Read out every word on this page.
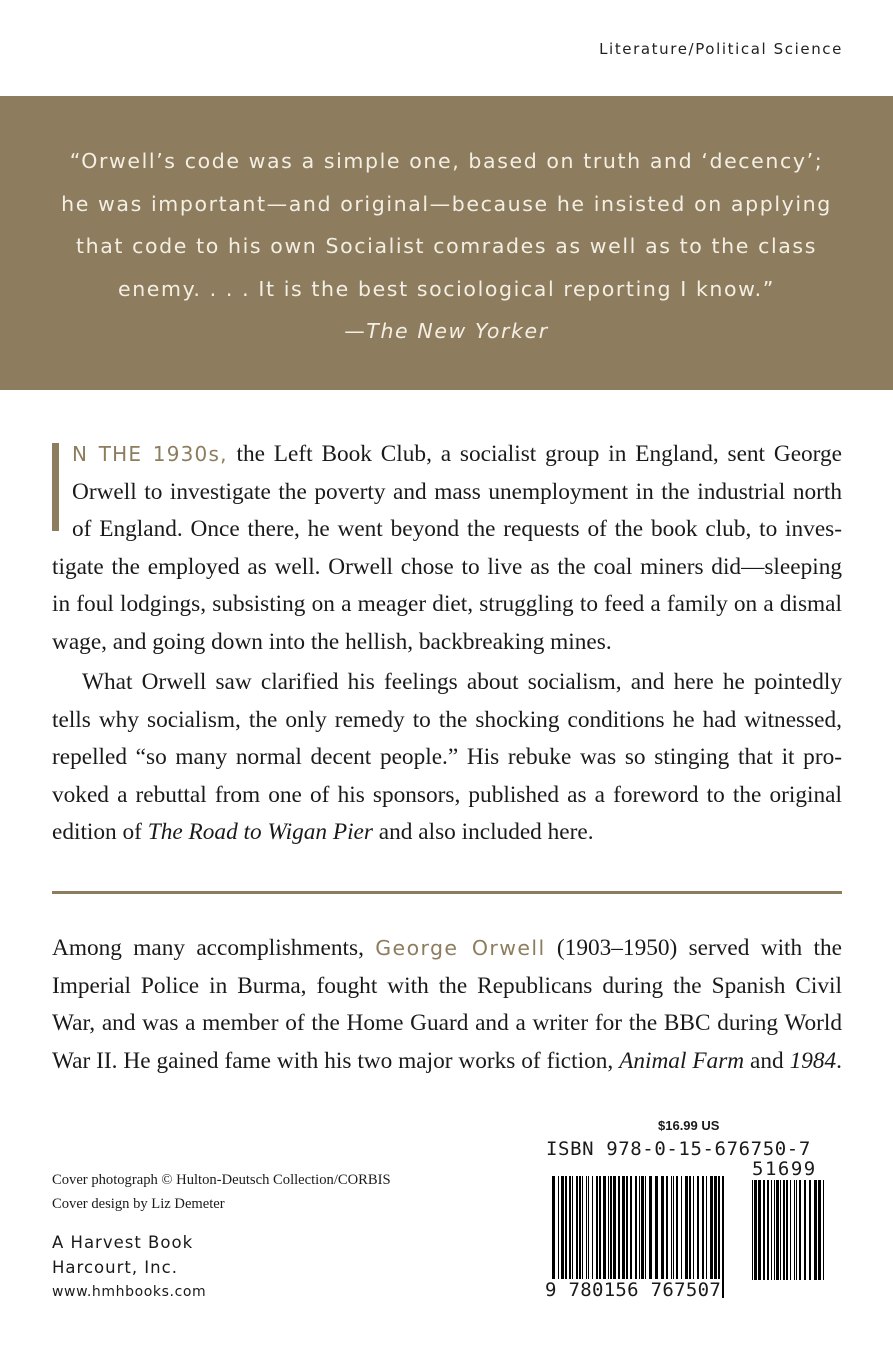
Literature/Political Science
“Orwell’s code was a simple one, based on truth and ‘decency’;
he was important—and original—because he insisted on applying
that code to his own Socialist comrades as well as to the class
enemy. . . . It is the best sociological reporting I know.”
—The New Yorker
N THE 1930s, the Left Book Club, a socialist group in England, sent George
Orwell to investigate the poverty and mass unemployment in the industrial north
of England. Once there, he went beyond the requests of the book club, to inves-
tigate the employed as well. Orwell chose to live as the coal miners did—sleeping
in foul lodgings, subsisting on a meager diet, struggling to feed a family on a dismal
wage, and going down into the hellish, backbreaking mines.
What Orwell saw clarified his feelings about socialism, and here he pointedly
tells why socialism, the only remedy to the shocking conditions he had witnessed,
repelled “so many normal decent people.” His rebuke was so stinging that it pro-
voked a rebuttal from one of his sponsors, published as a foreword to the original
edition of The Road to Wigan Pier and also included here.
Among many accomplishments, George Orwell (1903–1950) served with the
Imperial Police in Burma, fought with the Republicans during the Spanish Civil
War, and was a member of the Home Guard and a writer for the BBC during World
War II. He gained fame with his two major works of fiction, Animal Farm and 1984.
Cover photograph © Hulton-Deutsch Collection/CORBIS
Cover design by Liz Demeter
A Harvest Book
Harcourt, Inc.
www.hmhbooks.com
$16.99 US
ISBN 978-0-15-676750-7
51699
9 780156 767507
